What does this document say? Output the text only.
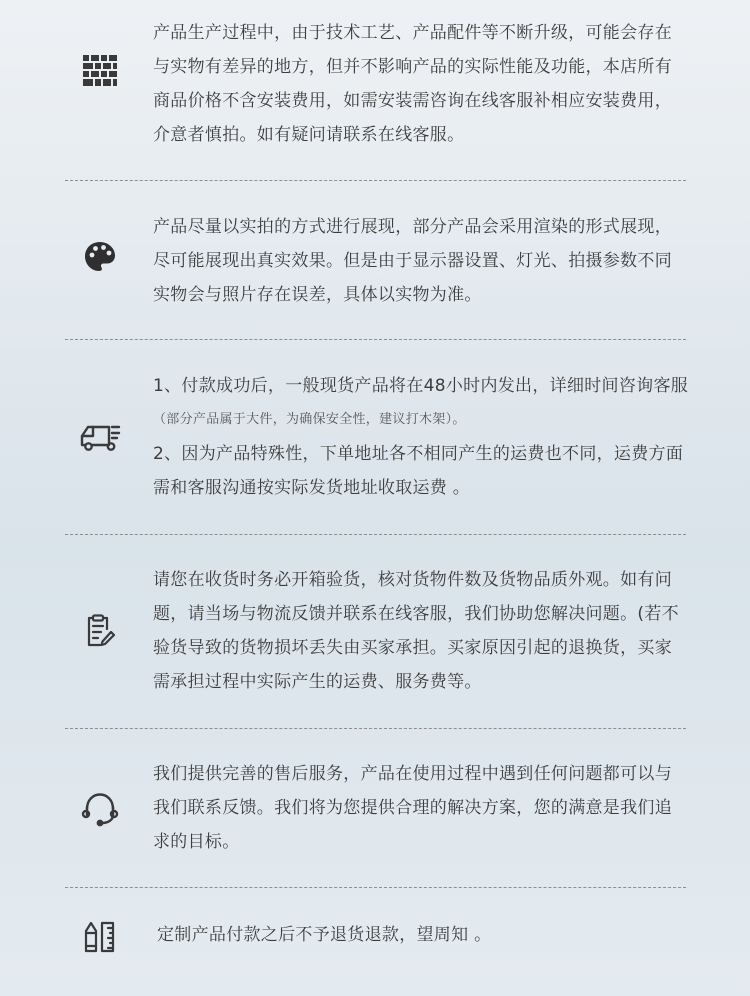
产品生产过程中，由于技术工艺、产品配件等不断升级，可能会存在

与实物有差异的地方，但并不影响产品的实际性能及功能，本店所有

商品价格不含安装费用，如需安装需咨询在线客服补相应安装费用，

介意者慎拍。如有疑问请联系在线客服。

产品尽量以实拍的方式进行展现，部分产品会采用渲染的形式展现，

尽可能展现出真实效果。但是由于显示器设置、灯光、拍摄参数不同

实物会与照片存在误差，具体以实物为准。

1、付款成功后，一般现货产品将在48小时内发出，详细时间咨询客服

（部分产品属于大件，为确保安全性，建议打木架）。

2、因为产品特殊性，下单地址各不相同产生的运费也不同，运费方面

需和客服沟通按实际发货地址收取运费 。

请您在收货时务必开箱验货，核对货物件数及货物品质外观。如有问

题，请当场与物流反馈并联系在线客服，我们协助您解决问题。(若不

验货导致的货物损坏丢失由买家承担。买家原因引起的退换货，买家

需承担过程中实际产生的运费、服务费等。

我们提供完善的售后服务，产品在使用过程中遇到任何问题都可以与

我们联系反馈。我们将为您提供合理的解决方案，您的满意是我们追

求的目标。

定制产品付款之后不予退货退款，望周知 。
